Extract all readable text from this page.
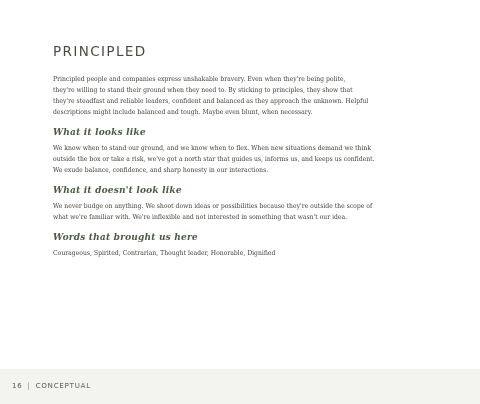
PRINCIPLED

Principled people and companies express unshakable bravery. Even when they're being polite,
they're willing to stand their ground when they need to. By sticking to principles, they show that
they're steadfast and reliable leaders, confident and balanced as they approach the unknown. Helpful
descriptions might include balanced and tough. Maybe even blunt, when necessary.

What it looks like

We know when to stand our ground, and we know when to flex. When new situations demand we think
outside the box or take a risk, we've got a north star that guides us, informs us, and keeps us confident.
We exude balance, confidence, and sharp honesty in our interactions.

What it doesn't look like

We never budge on anything. We shoot down ideas or possibilities because they're outside the scope of
what we're familiar with. We're inflexible and not interested in something that wasn't our idea.

Words that brought us here

Courageous, Spirited, Contrarian, Thought leader, Honorable, Dignified

16 | CONCEPTUAL
